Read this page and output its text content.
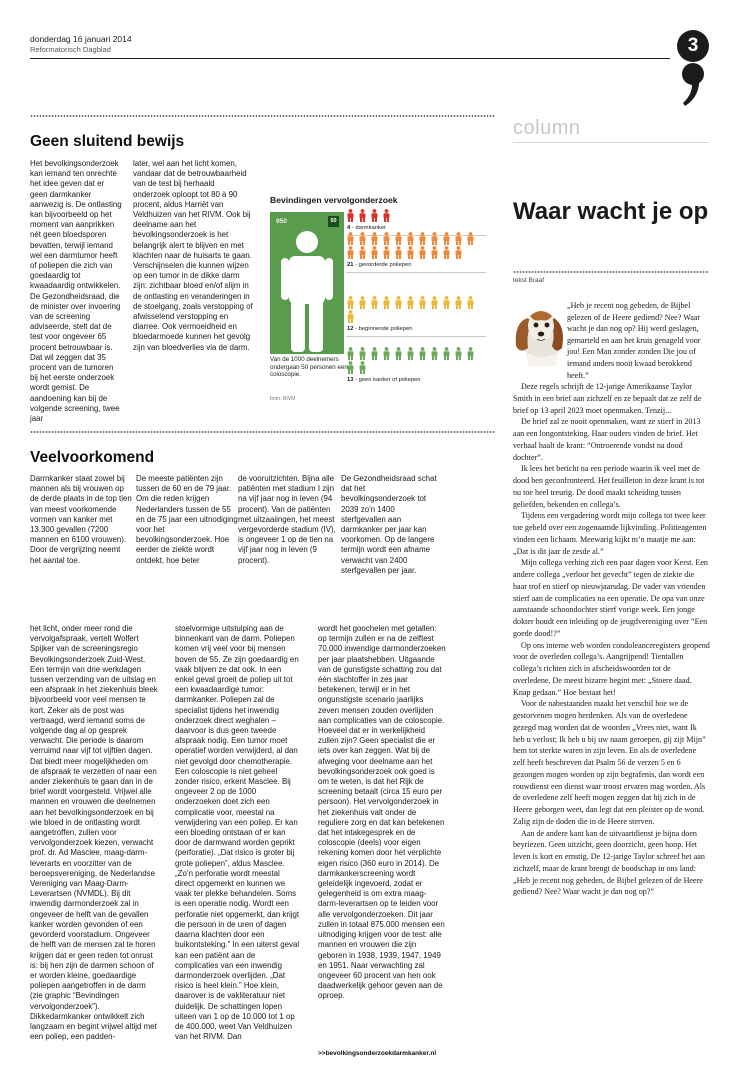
donderdag 16 januari 2014
Reformatorisch Dagblad	3
Geen sluitend bewijs
Het bevolkingsonderzoek kan iemand ten onrechte het idee geven dat er geen darmkanker aanwezig is. De ontlasting kan bijvoorbeeld op het moment van aanprikken nét geen bloedsporen bevatten, terwijl iemand wel een darmtumor heeft of poliepen die zich van goedaardig tot kwaadaardig ontwikkelen. De Gezondheidsraad, die de minister over invoering van de screening adviseerde, stelt dat de test voor ongeveer 65 procent betrouwbaar is. Dat wil zeggen dat 35 procent van de tumoren bij het eerste onderzoek wordt gemist. De aandoening kan bij de volgende screening, twee jaar
later, wel aan het licht komen, vandaar dat de betrouwbaarheid van de test bij herhaald onderzoek oploopt tot 80 à 90 procent, aldus Harriët van Veldhuizen van het RIVM. Ook bij deelname aan het bevolkingsonderzoek is het belangrijk alert te blijven en met klachten naar de huisarts te gaan. Verschijnselen die kunnen wijzen op een tumor in de dikke darm zijn: zichtbaar bloed en/of slijm in de ontlasting en veranderingen in de stoelgang, zoals verstopping of afwisselend verstopping en diarree. Ook vermoeidheid en bloedarmoede kunnen het gevolg zijn van bloedverlies via de darm.
Bevindingen vervolgonderzoek
950	50
Van de 1000 deelnemers ondergaan 50 personen een coloscopie.
bron: RIVM
4 - darmkanker
21 - gevorderde poliepen
12 - beginnende poliepen
13 - geen kanker of poliepen
Veelvoorkomend
Darmkanker staat zowel bij mannen als bij vrouwen op de derde plaats in de top tien van meest voorkomende vormen van kanker met 13.300 gevallen (7200 mannen en 6100 vrouwen). Door de vergrijzing neemt het aantal toe.
De meeste patiënten zijn tussen de 60 en de 79 jaar. Om die reden krijgen Nederlanders tussen de 55 en de 75 jaar een uitnodiging voor het bevolkingsonderzoek. Hoe eerder de ziekte wordt ontdekt, hoe beter
de vooruitzichten. Bijna alle patiënten met stadium I zijn na vijf jaar nog in leven (94 procent). Van de patiënten met uitzaaiingen, het meest vergevorderde stadium (IV), is ongeveer 1 op de tien na vijf jaar nog in leven (9 procent).
De Gezondheidsraad schat dat het bevolkingsonderzoek tot 2039 zo'n 1400 sterfgevallen aan darmkanker per jaar kan voorkomen. Op de langere termijn wordt een afname verwacht van 2400 sterfgevallen per jaar.
het licht, onder meer rond die vervolgafspraak, vertelt Wolfert Spijker van de screeningsregio Bevolkingsonderzoek Zuid-West. Een termijn van drie werkdagen tussen verzending van de uitslag en een afspraak in het ziekenhuis bleek bijvoorbeeld voor veel mensen te kort. Zeker als de post was vertraagd, werd iemand soms de volgende dag al op gesprek verwacht. Die periode is daarom verruimd naar vijf tot vijftien dagen. Dat biedt meer mogelijkheden om de afspraak te verzetten of naar een ander ziekenhuis te gaan dan in de brief wordt voorgesteld. Vrijwel alle mannen en vrouwen die deelnemen aan het bevolkingsonderzoek en bij wie bloed in de ontlasting wordt aangetroffen, zullen voor vervolgonderzoek kiezen, verwacht prof. dr. Ad Masclee, maag-darm-leverarts en voorzitter van de beroepsvereniging, de Nederlandse Vereniging van Maag-Darm-Leverartsen (NVMDL). Bij dit inwendig darmonderzoek zal in ongeveer de helft van de gevallen kanker worden gevonden of een gevorderd voorstadium. Ongeveer de helft van de mensen zal te horen krijgen dat er geen reden tot onrust is: bij hen zijn de darmen schoon of er worden kleine, goedaardige poliepen aangetroffen in de darm (zie graphic “Bevindingen vervolgonderzoek”). Dikkedarmkanker ontwikkelt zich langzaam en begint vrijwel altijd met een poliep, een padden-
stoelvormige uitstulping aan de binnenkant van de darm. Poliepen komen vrij veel voor bij mensen boven de 55. Ze zijn goedaardig en vaak blijven ze dat ook. In een enkel geval groeit de poliep uit tot een kwaadaardige tumor: darmkanker. Poliepen zal de specialist tijdens het inwendig onderzoek direct weghalen – daarvoor is dus geen tweede afspraak nodig. Een tumor moet operatief worden verwijderd, al dan niet gevolgd door chemotherapie. Een coloscopie is niet geheel zonder risico, erkent Masclee. Bij ongeveer 2 op de 1000 onderzoeken doet zich een complicatie voor, meestal na verwijdering van een poliep. Er kan een bloeding ontstaan of er kan door de darmwand worden geprikt (perforatie). „Dat risico is groter bij grote poliepen”, aldus Masclee. „Zo’n perforatie wordt meestal direct opgemerkt en kunnen we vaak ter plekke behandelen. Soms is een operatie nodig. Wordt een perforatie niet opgemerkt, dan krijgt die persoon in de uren of dagen daarna klachten door een buikontsteking.” In een uiterst geval kan een patiënt aan de complicaties van een inwendig darmonderzoek overlijden. „Dat risico is heel klein.” Hoe klein, daarover is de vakliteratuur niet duidelijk. De schattingen lopen uiteen van 1 op de 10.000 tot 1 op de 400.000, weet Van Veldhuizen van het RIVM. Dan
wordt het goochelen met getallen: op termijn zullen er na de zelftest 70.000 inwendige darmonderzoeken per jaar plaatshebben. Uitgaande van de gunstigste schatting zou dat één slachtoffer in zes jaar betekenen, terwijl er in het ongunstigste scenario jaarlijks zeven mensen zouden overlijden aan complicaties van de coloscopie. Hoeveel dat er in werkelijkheid zullen zijn? Geen specialist die er iets over kan zeggen. Wat bij de afweging voor deelname aan het bevolkingsonderzoek ook goed is om te weten, is dat het Rijk de screening betaalt (circa 15 euro per persoon). Het vervolgonderzoek in het ziekenhuis valt onder de reguliere zorg en dat kan betekenen dat het intakegesprek en de coloscopie (deels) voor eigen rekening komen door het verplichte eigen risico (360 euro in 2014). De darmkankerscreening wordt geleidelijk ingevoerd, zodat er gelegenheid is om extra maag-darm-leverartsen op te leiden voor alle vervolgonderzoeken. Dit jaar zullen in totaal 875.000 mensen een uitnodiging krijgen voor de test: alle mannen en vrouwen die zijn geboren in 1938, 1939, 1947, 1949 en 1951. Naar verwachting zal ongeveer 60 procent van hen ook daadwerkelijk gehoor geven aan de oproep.
>>bevolkingsonderzoekdarmkanker.nl
column
Waar wacht je op
tekst Braaf
„Heb je recent nog gebeden, de Bijbel gelezen of de Heere gediend? Nee? Waar wacht je dan nog op? Hij werd geslagen, gemarteld en aan het kruis genageld voor jou! Een Man zonder zonden Die jou of iemand anders nooit kwaad berokkend heeft.”

Deze regels schrijft de 12-jarige Amerikaanse Taylor Smith in een brief aan zichzelf en ze bepaalt dat ze zelf de brief op 13 april 2023 moet openmaken. Tenzij...

De brief zal ze nooit openmaken, want ze stierf in 2013 aan een longontsteking. Haar ouders vinden de brief. Het verhaal haalt de krant: “Ontroerende vondst na dood dochter”.

Ik lees het bericht na een periode waarin ik veel met de dood ben geconfronteerd. Het feuilleton in deze krant is tot nu toe heel treurig. De dood maakt scheiding tussen geliefden, bekenden en collega’s.

Tijdens een vergadering wordt mijn collega tot twee keer toe gebeld over een zogenaamde lijkvinding. Politieagenten vinden een lichaam. Meewarig kijkt m’n maatje me aan: „Dat is dit jaar de zesde al.”

Mijn collega verhing zich een paar dagen voor Kerst. Een andere collega „verloor het gevecht” tegen de ziekte die haar trof en stierf op nieuwjaarsdag. De vader van vrienden stierf aan de complicaties na een operatie. De opa van onze aanstaande schoondochter stierf vorige week. Een jonge dokter houdt een inleiding op de jeugdvereniging over “Een goede dood!?”

Op ons interne web worden condoleanceregisters geopend voor de overleden collega’s. Aangrijpend! Tientallen collega’s richten zich in afscheidswoorden tot de overledene. De meest bizarre begint met: „Stoere daad. Knap gedaan.” Hoe bestaat het!

Voor de nabestaanden maakt het verschil hoe we de gestorvenen mogen herdenken. Als van de overledene gezegd mag worden dat de woorden „Vrees niet, want Ik heb u verlost; Ik heb u bij uw naam geroepen, gij zijt Mijn” hem tot sterkte waren in zijn leven. En als de overledene zelf heeft beschreven dat Psalm 56 de verzen 5 en 6 gezongen mogen worden op zijn begrafenis, dan wordt een rouwdienst een dienst waar troost ervaren mag worden. Als de overledene zelf heeft mogen zeggen dat hij zich in de Heere geborgen weet, dan legt dat een pleister op de wond. Zalig zijn de doden die in de Heere sterven.

Aan de andere kant kan de uitvaartdienst je bijna doen beyriezen. Geen uitzicht, geen doorzicht, geen hoop. Het leven is kort en ernstig. De 12-jarige Taylor schreef het aan zichzelf, maar de krant brengt de boodschap in ons land: „Heb je recent nog gebeden, de Bijbel gelezen of de Heere gediend? Nee? Waar wacht je dan nog op?”
